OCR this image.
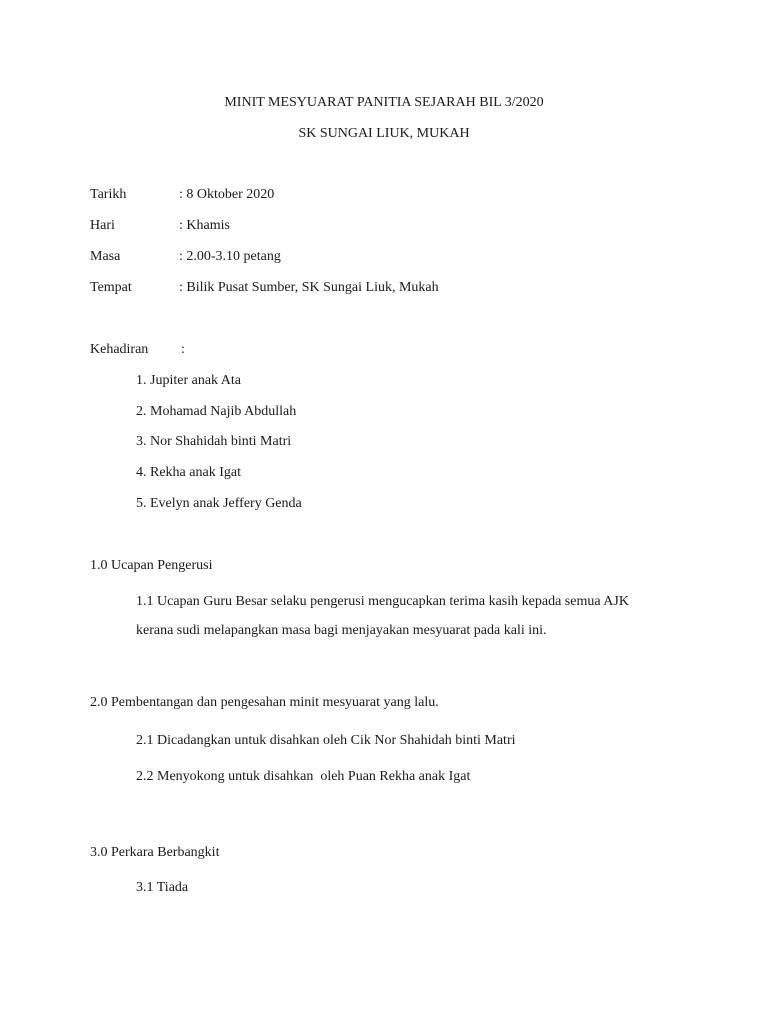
MINIT MESYUARAT PANITIA SEJARAH BIL 3/2020
SK SUNGAI LIUK, MUKAH
Tarikh	: 8 Oktober 2020
Hari	: Khamis
Masa	: 2.00-3.10 petang
Tempat	: Bilik Pusat Sumber, SK Sungai Liuk, Mukah
Kehadiran :
1. Jupiter anak Ata
2. Mohamad Najib Abdullah
3. Nor Shahidah binti Matri
4. Rekha anak Igat
5. Evelyn anak Jeffery Genda
1.0 Ucapan Pengerusi
1.1 Ucapan Guru Besar selaku pengerusi mengucapkan terima kasih kepada semua AJK
kerana sudi melapangkan masa bagi menjayakan mesyuarat pada kali ini.
2.0 Pembentangan dan pengesahan minit mesyuarat yang lalu.
2.1 Dicadangkan untuk disahkan oleh Cik Nor Shahidah binti Matri
2.2 Menyokong untuk disahkan  oleh Puan Rekha anak Igat
3.0 Perkara Berbangkit
3.1 Tiada
